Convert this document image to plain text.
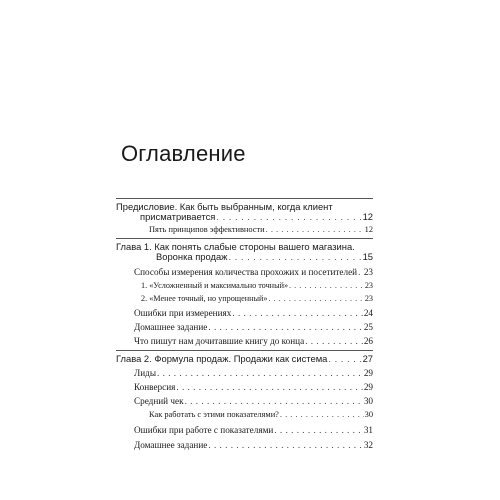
Оглавление
Предисловие. Как быть выбранным, когда клиент
присматривается . . .	12
Пять принципов эффективности . . .	12
Глава 1. Как понять слабые стороны вашего магазина.
Воронка продаж . . .	15
Способы измерения количества прохожих и посетителей . . . 23
1. «Усложненный и максимально точный» . . .	23
2. «Менее точный, но упрощенный» . . .	23
Ошибки при измерениях . . .	24
Домашнее задание . . .	25
Что пишут нам дочитавшие книгу до конца . . .	26
Глава 2. Формула продаж. Продажи как система . . .	27
Лиды . . .	29
Конверсия . . .	29
Средний чек . . .	30
Как работать с этими показателями? . . .	30
Ошибки при работе с показателями . . .	31
Домашнее задание . . .	32
